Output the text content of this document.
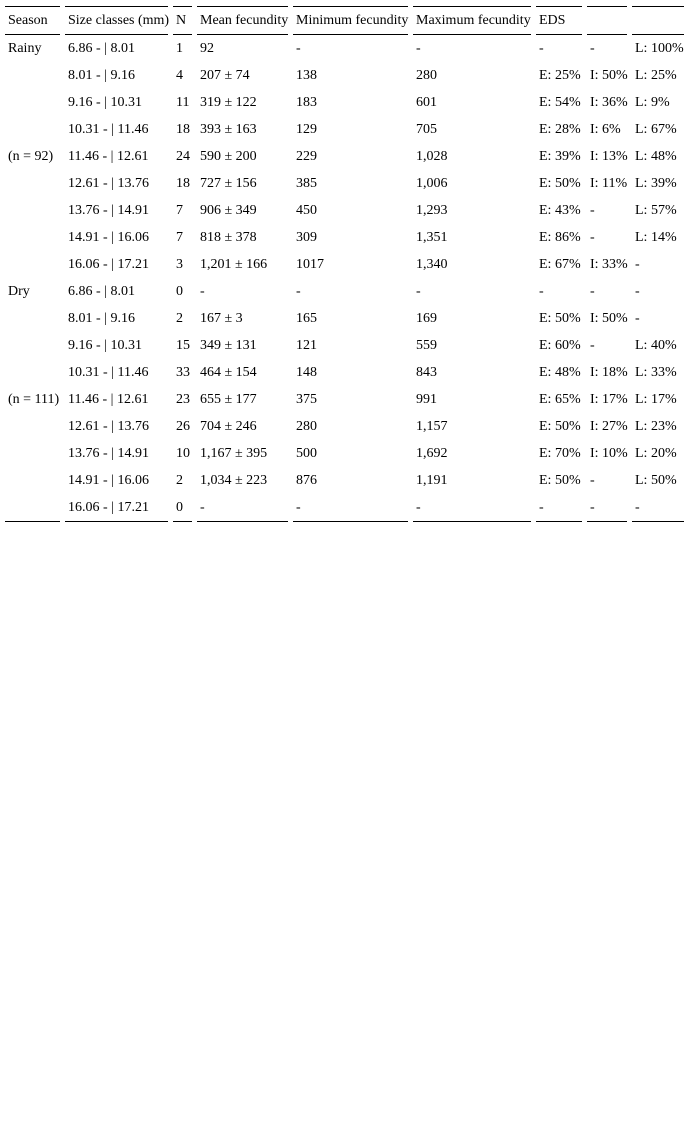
Season	Size classes (mm)	N	Mean fecundity	Minimum fecundity	Maximum fecundity	EDS		
Rainy	6.86 - | 8.01	1	92	-	-	-	-	L: 100%
	8.01 - | 9.16	4	207 ± 74	138	280	E: 25%	I: 50%	L: 25%
	9.16 - | 10.31	11	319 ± 122	183	601	E: 54%	I: 36%	L: 9%
	10.31 - | 11.46	18	393 ± 163	129	705	E: 28%	I: 6%	L: 67%
(n = 92)	11.46 - | 12.61	24	590 ± 200	229	1,028	E: 39%	I: 13%	L: 48%
	12.61 - | 13.76	18	727 ± 156	385	1,006	E: 50%	I: 11%	L: 39%
	13.76 - | 14.91	7	906 ± 349	450	1,293	E: 43%	-	L: 57%
	14.91 - | 16.06	7	818 ± 378	309	1,351	E: 86%	-	L: 14%
	16.06 - | 17.21	3	1,201 ± 166	1017	1,340	E: 67%	I: 33%	-
Dry	6.86 - | 8.01	0	-	-	-	-	-	-
	8.01 - | 9.16	2	167 ± 3	165	169	E: 50%	I: 50%	-
	9.16 - | 10.31	15	349 ± 131	121	559	E: 60%	-	L: 40%
	10.31 - | 11.46	33	464 ± 154	148	843	E: 48%	I: 18%	L: 33%
(n = 111)	11.46 - | 12.61	23	655 ± 177	375	991	E: 65%	I: 17%	L: 17%
	12.61 - | 13.76	26	704 ± 246	280	1,157	E: 50%	I: 27%	L: 23%
	13.76 - | 14.91	10	1,167 ± 395	500	1,692	E: 70%	I: 10%	L: 20%
	14.91 - | 16.06	2	1,034 ± 223	876	1,191	E: 50%	-	L: 50%
	16.06 - | 17.21	0	-	-	-	-	-	-
